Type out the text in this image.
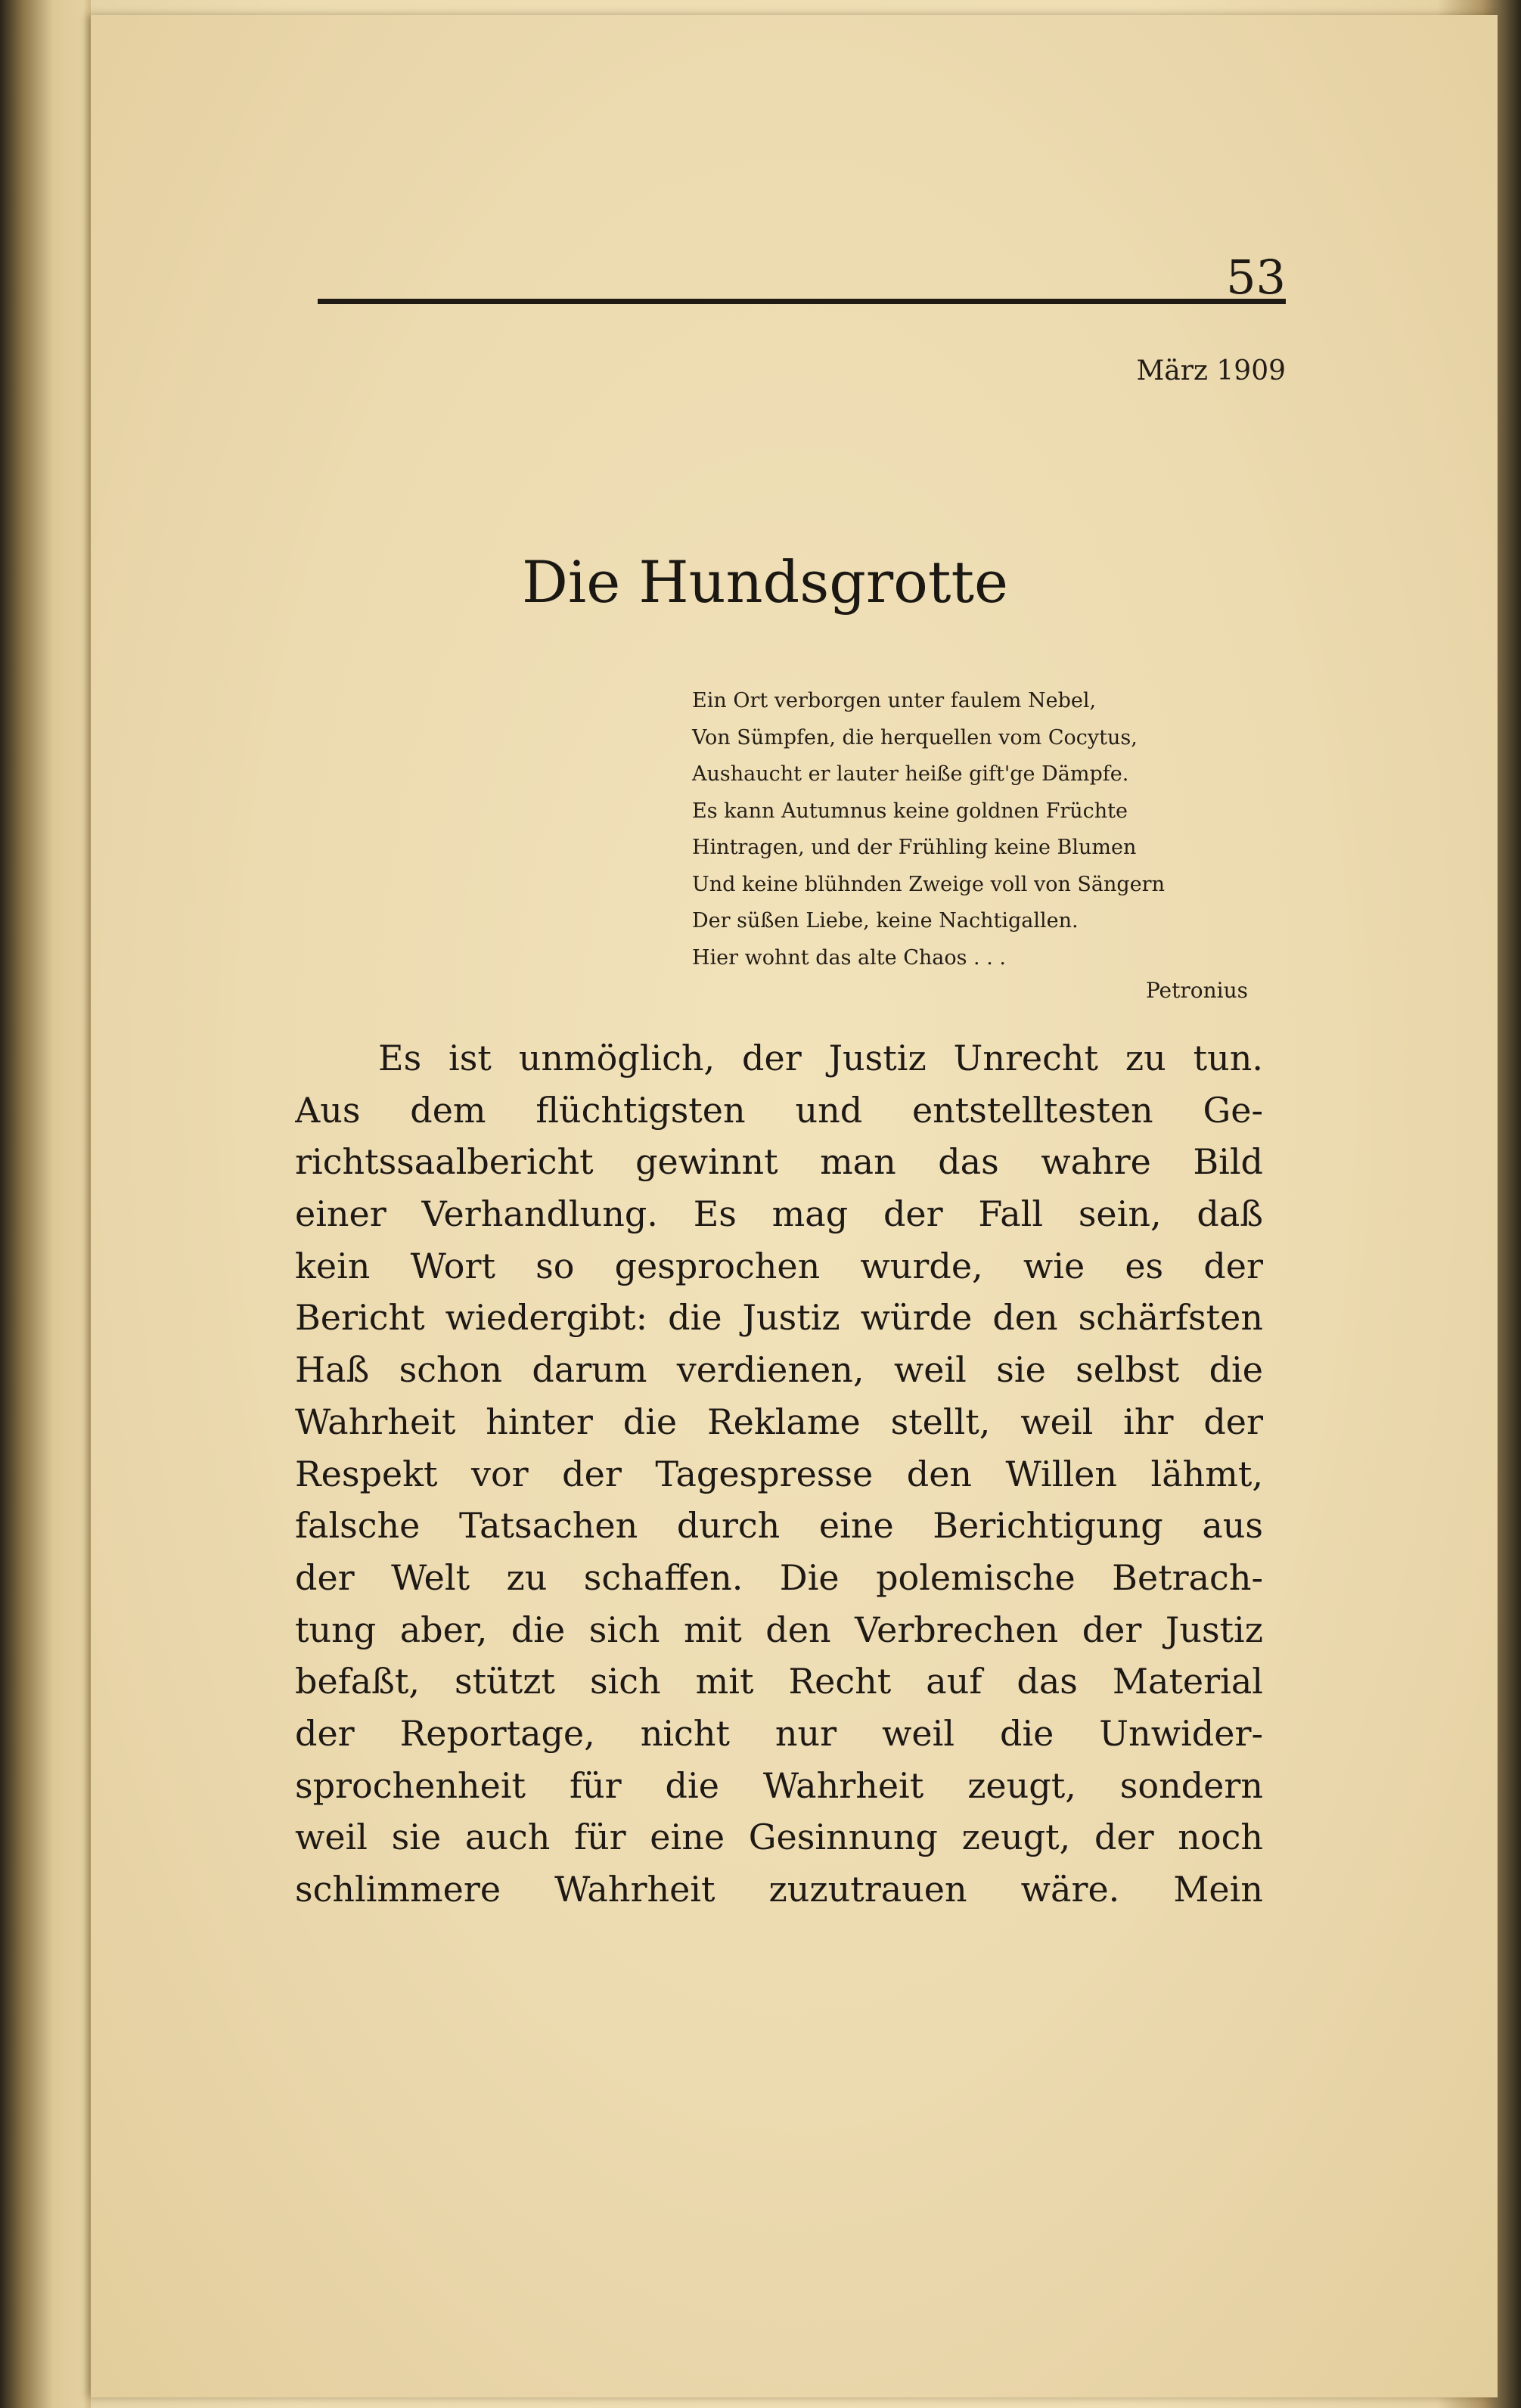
53
März 1909
Die Hundsgrotte
Ein Ort verborgen unter faulem Nebel,
Von Sümpfen, die herquellen vom Cocytus,
Aushaucht er lauter heiße gift'ge Dämpfe.
Es kann Autumnus keine goldnen Früchte
Hintragen, und der Frühling keine Blumen
Und keine blühnden Zweige voll von Sängern
Der süßen Liebe, keine Nachtigallen.
Hier wohnt das alte Chaos . . .
Petronius
Es ist unmöglich, der Justiz Unrecht zu tun.
Aus dem flüchtigsten und entstelltesten Ge-
richtssaalbericht gewinnt man das wahre Bild
einer Verhandlung. Es mag der Fall sein, daß
kein Wort so gesprochen wurde, wie es der
Bericht wiedergibt: die Justiz würde den schärfsten
Haß schon darum verdienen, weil sie selbst die
Wahrheit hinter die Reklame stellt, weil ihr der
Respekt vor der Tagespresse den Willen lähmt,
falsche Tatsachen durch eine Berichtigung aus
der Welt zu schaffen. Die polemische Betrach-
tung aber, die sich mit den Verbrechen der Justiz
befaßt, stützt sich mit Recht auf das Material
der Reportage, nicht nur weil die Unwider-
sprochenheit für die Wahrheit zeugt, sondern
weil sie auch für eine Gesinnung zeugt, der noch
schlimmere Wahrheit zuzutrauen wäre. Mein
